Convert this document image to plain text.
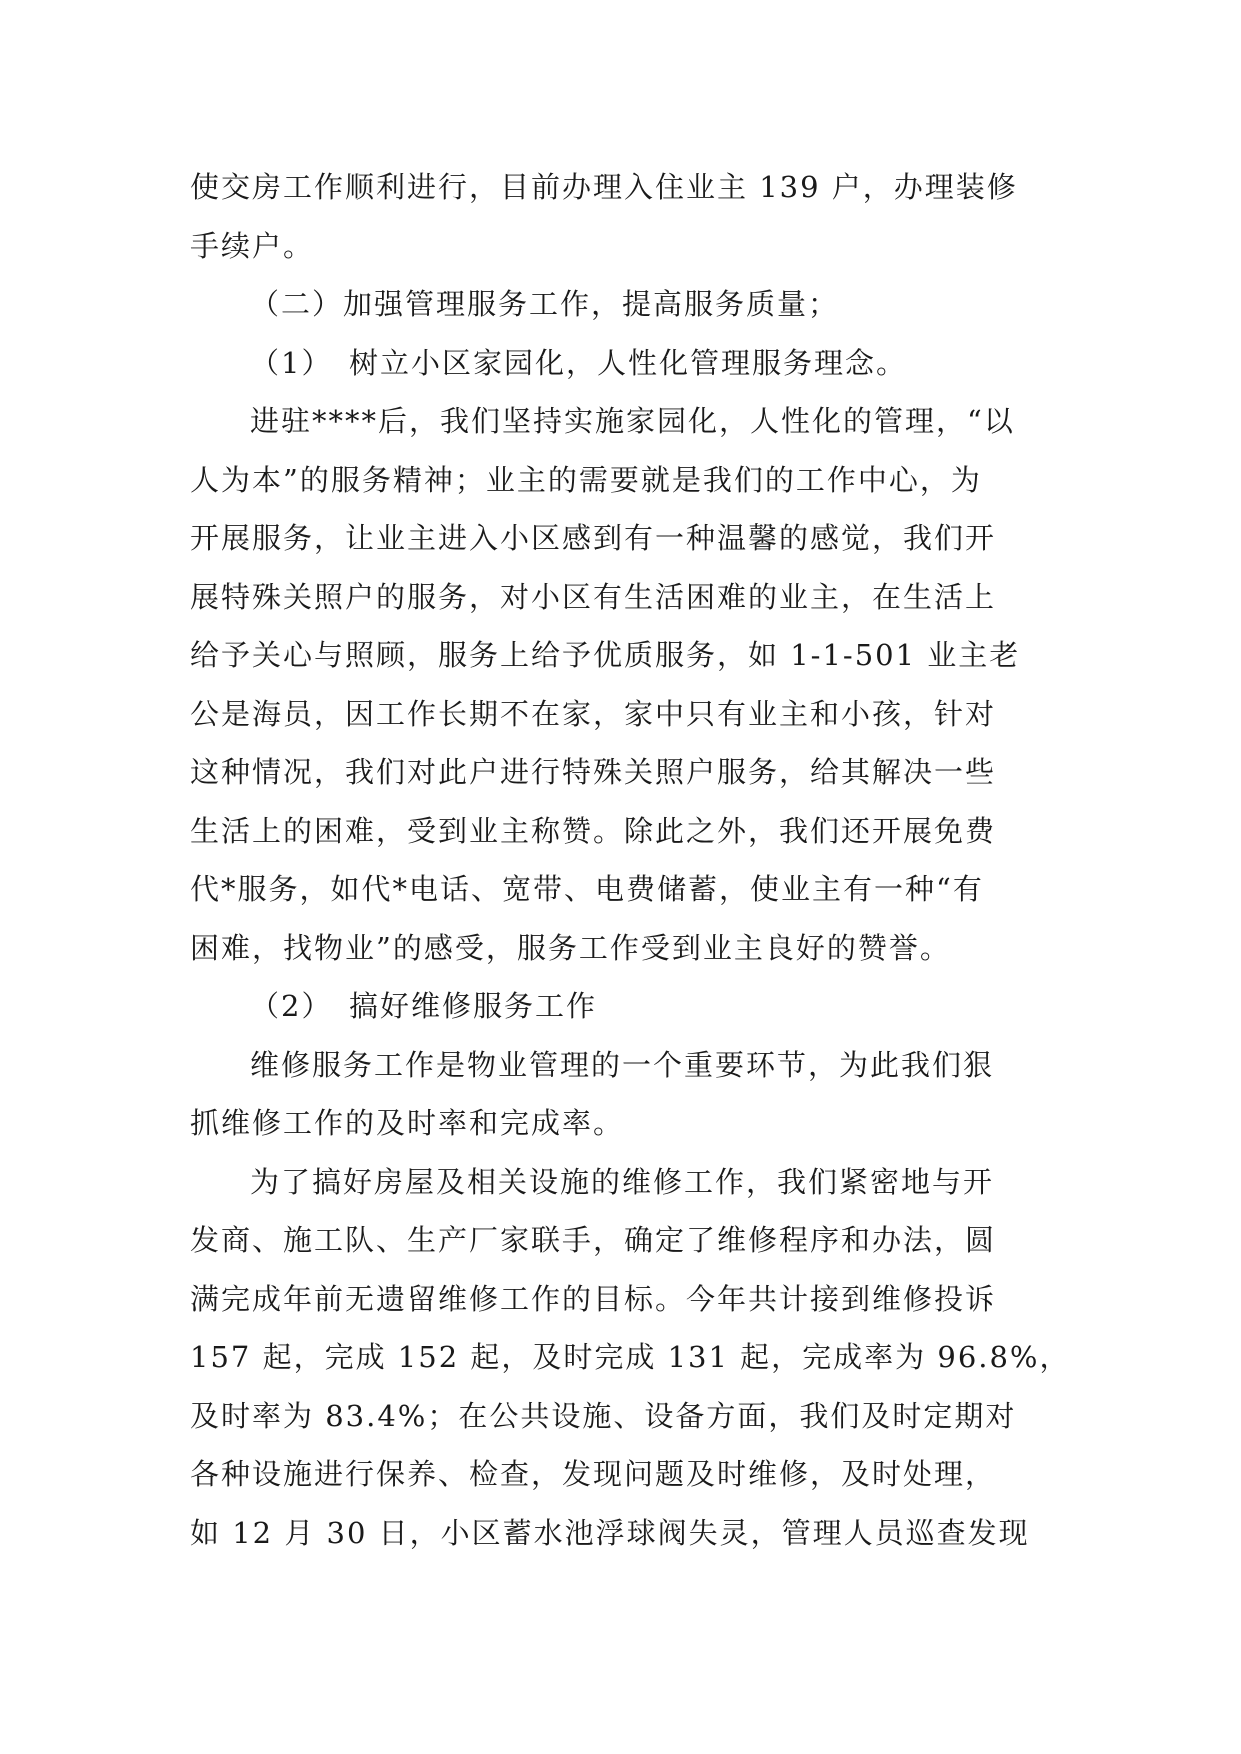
使交房工作顺利进行，目前办理入住业主 139 户，办理装修
手续户。
（二）加强管理服务工作，提高服务质量；
（1）　树立小区家园化，人性化管理服务理念。
进驻****后，我们坚持实施家园化，人性化的管理，“以
人为本”的服务精神；业主的需要就是我们的工作中心，为
开展服务，让业主进入小区感到有一种温馨的感觉，我们开
展特殊关照户的服务，对小区有生活困难的业主，在生活上
给予关心与照顾，服务上给予优质服务，如 1-1-501 业主老
公是海员，因工作长期不在家，家中只有业主和小孩，针对
这种情况，我们对此户进行特殊关照户服务，给其解决一些
生活上的困难，受到业主称赞。除此之外，我们还开展免费
代*服务，如代*电话、宽带、电费储蓄，使业主有一种“有
困难，找物业”的感受，服务工作受到业主良好的赞誉。
（2）　搞好维修服务工作
维修服务工作是物业管理的一个重要环节，为此我们狠
抓维修工作的及时率和完成率。
为了搞好房屋及相关设施的维修工作，我们紧密地与开
发商、施工队、生产厂家联手，确定了维修程序和办法，圆
满完成年前无遗留维修工作的目标。今年共计接到维修投诉
157 起，完成 152 起，及时完成 131 起，完成率为 96.8%，
及时率为 83.4%；在公共设施、设备方面，我们及时定期对
各种设施进行保养、检查，发现问题及时维修，及时处理，
如 12 月 30 日，小区蓄水池浮球阀失灵，管理人员巡查发现
